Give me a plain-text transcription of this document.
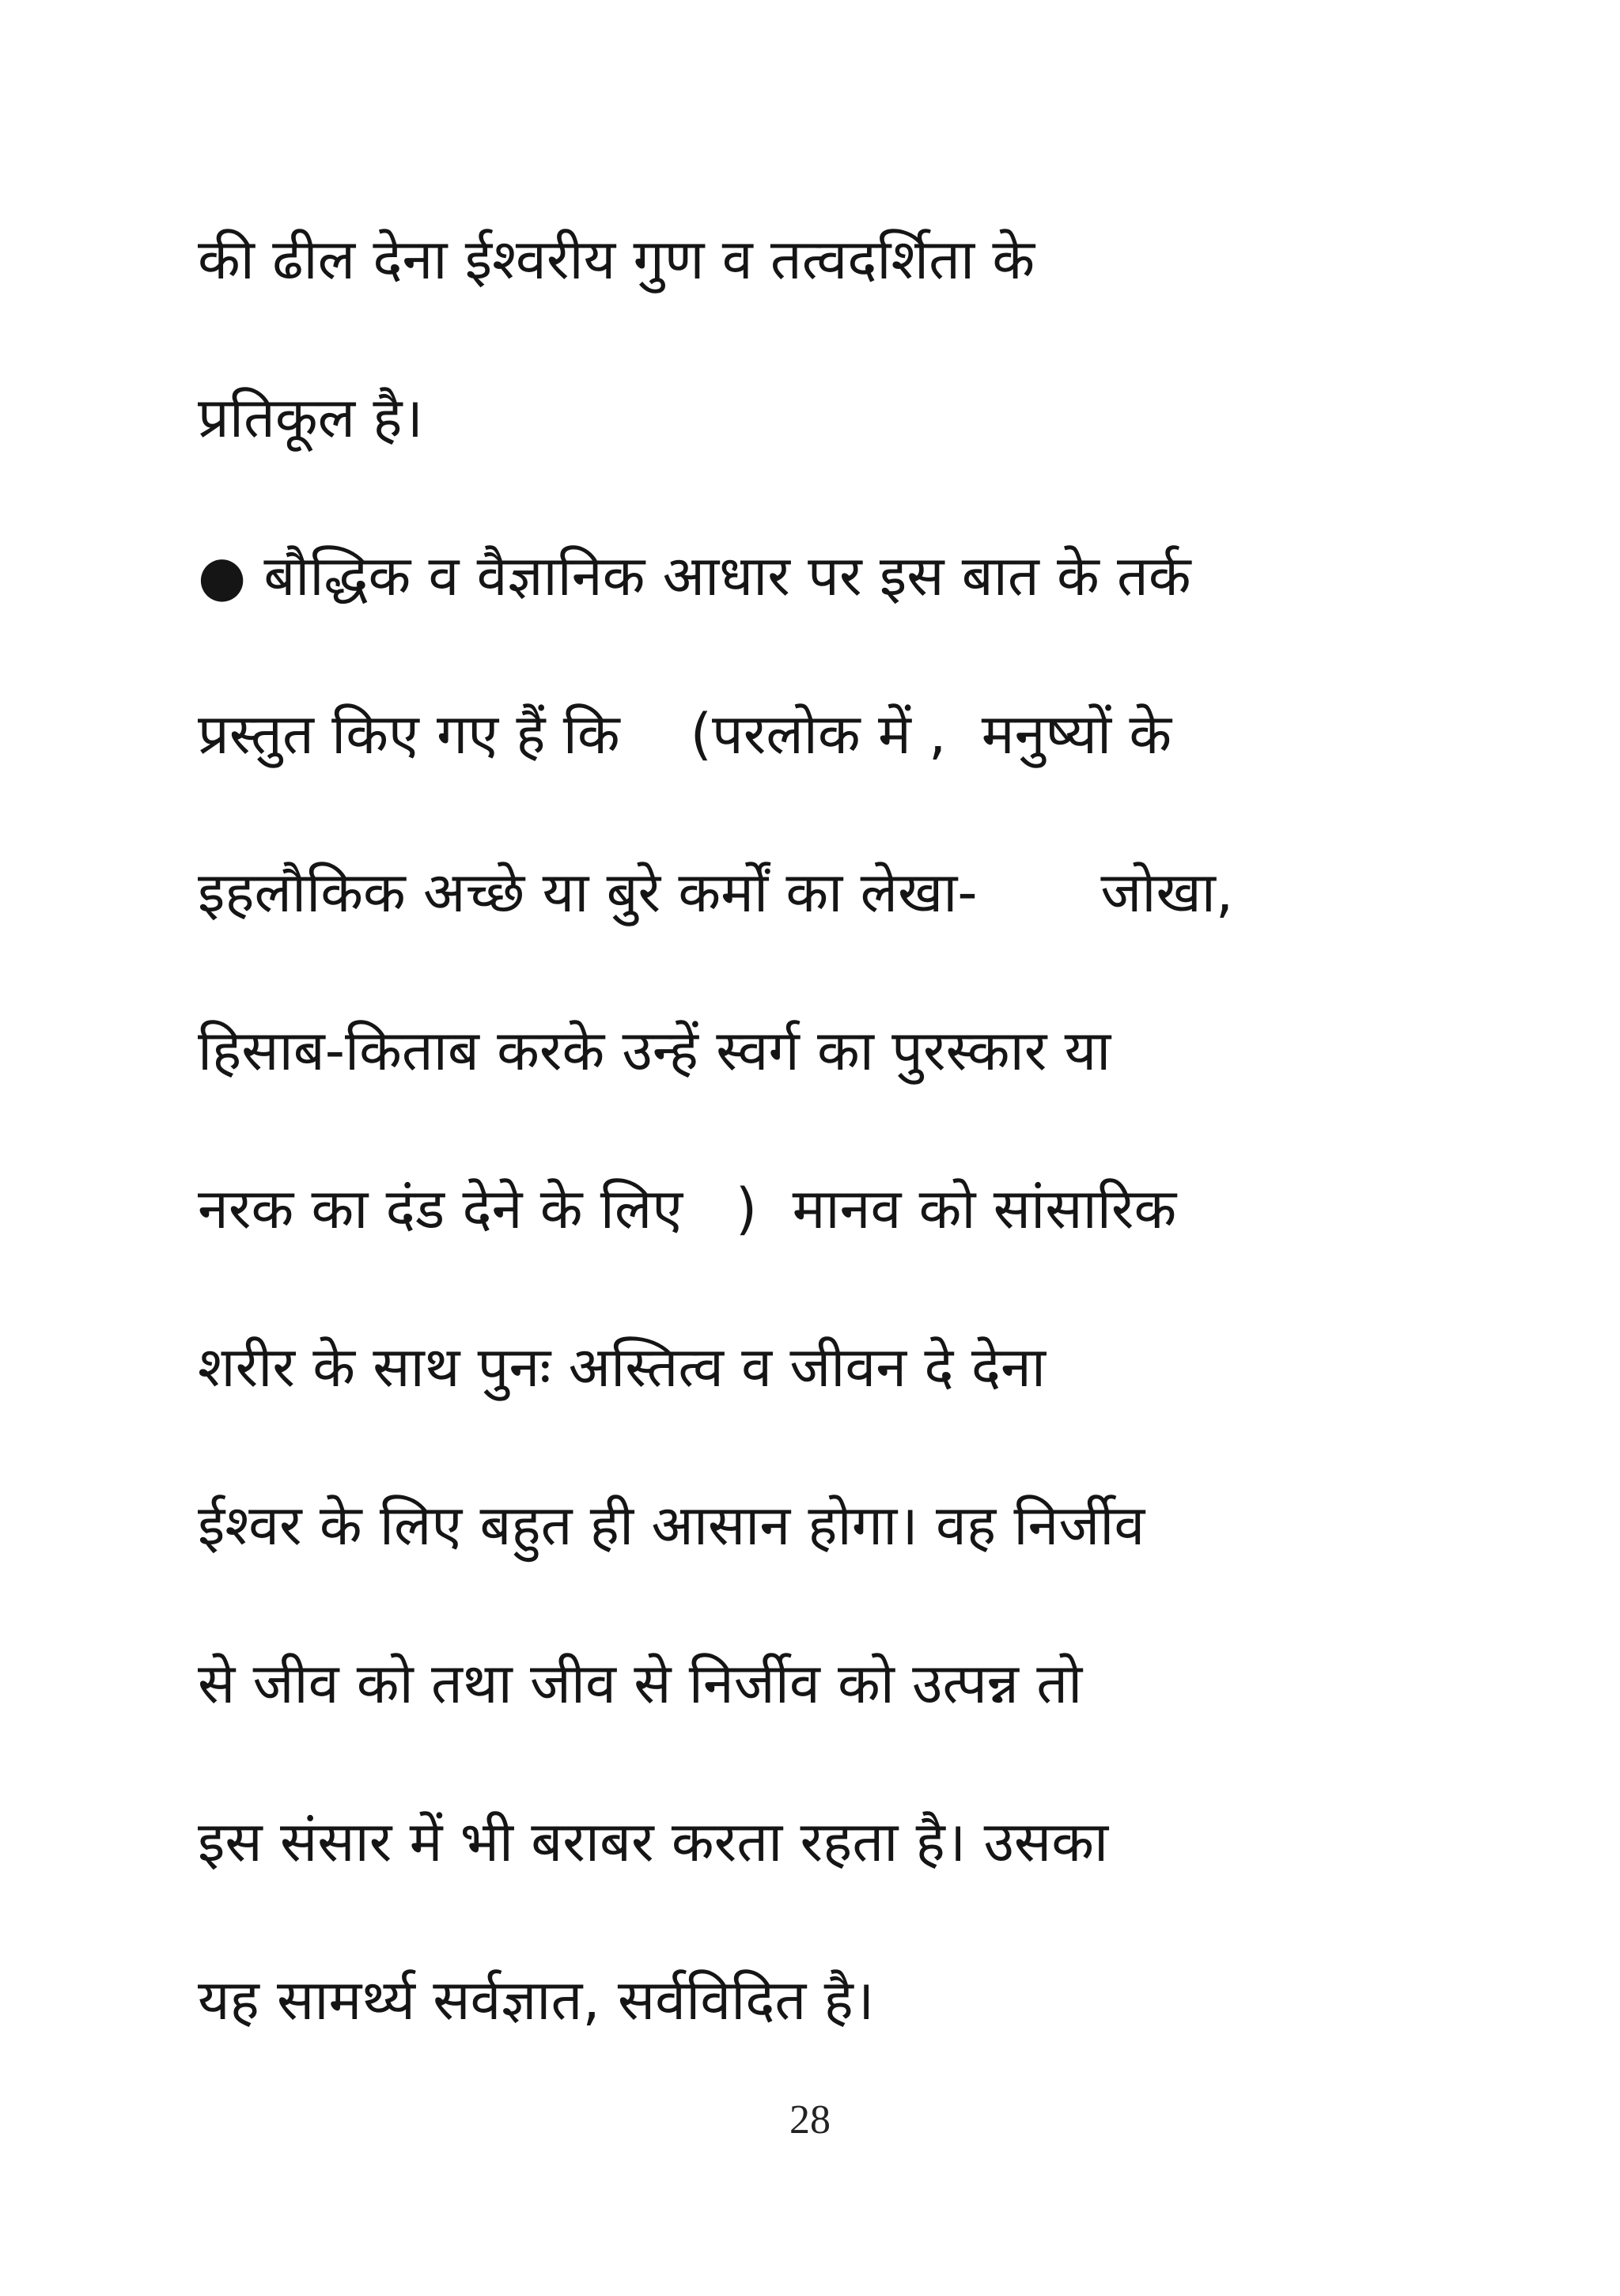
की ढील देना ईश्वरीय गुण व तत्वदर्शिता के
प्रतिकूल है।
● बौद्धिक व वैज्ञानिक आधार पर इस बात के तर्क
प्रस्तुत किए गए हैं कि    (परलोक में ,  मनुष्यों के
इहलौकिक अच्छे या बुरे कर्मों का लेखा-       जोखा,
हिसाब-किताब करके उन्हें स्वर्ग का पुरस्कार या
नरक का दंड देने के लिए   )  मानव को सांसारिक
शरीर के साथ पुनः अस्तित्व व जीवन दे देना
ईश्वर के लिए बहुत ही आसान होगा। वह निर्जीव
से जीव को तथा जीव से निर्जीव को उत्पन्न तो
इस संसार में भी बराबर करता रहता है। उसका
यह सामर्थ्य सर्वज्ञात, सर्वविदित है।
28
